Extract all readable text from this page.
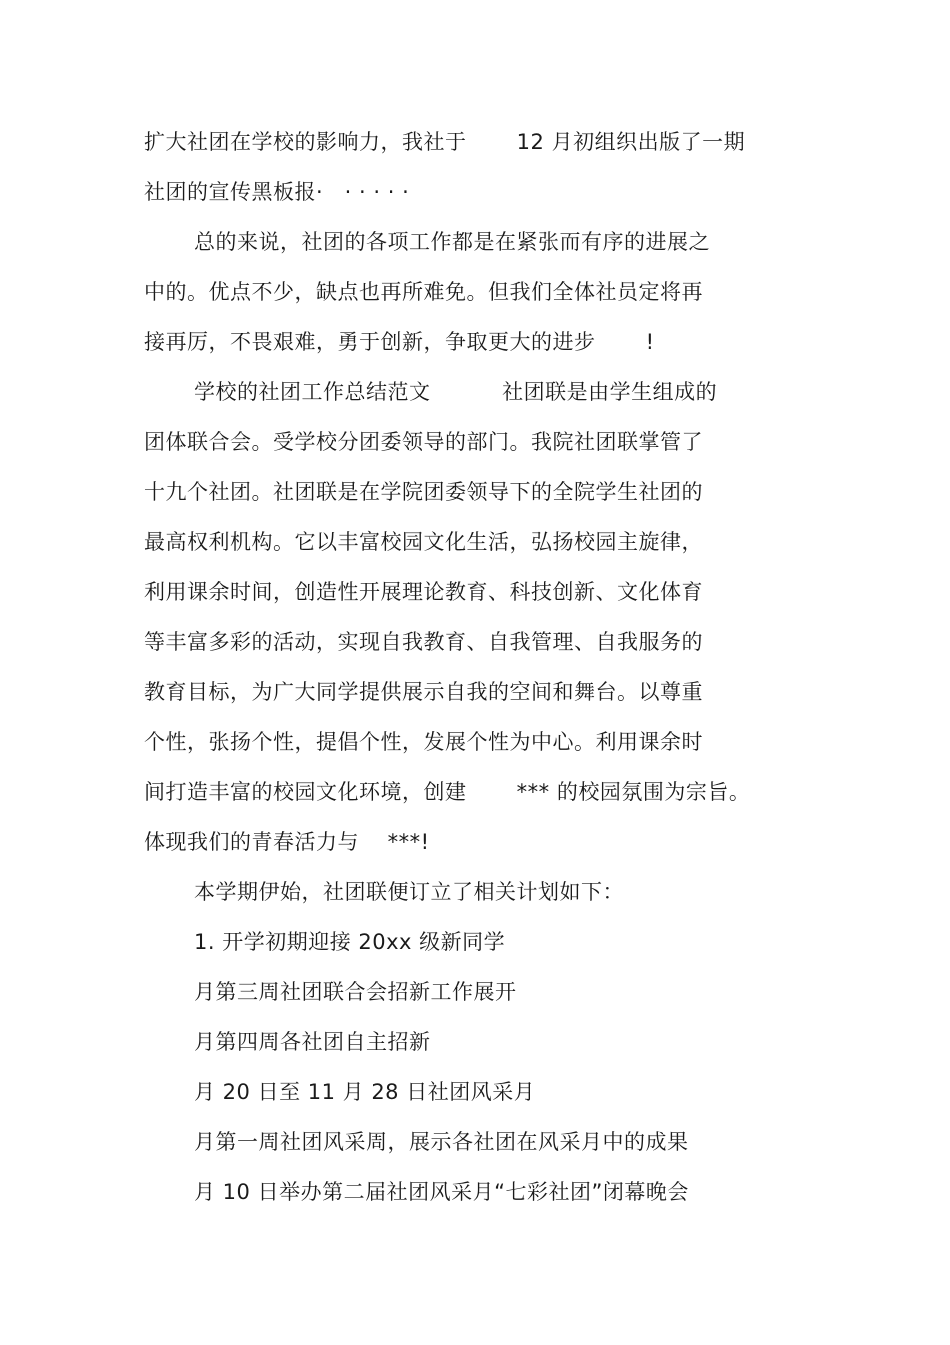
扩大社团在学校的影响力，我社于 　　12 月初组织出版了一期
社团的宣传黑板报·　· · · · ·
总的来说，社团的各项工作都是在紧张而有序的进展之
中的。优点不少，缺点也再所难免。但我们全体社员定将再
接再厉，不畏艰难，勇于创新，争取更大的进步　　 !
学校的社团工作总结范文　　　 社团联是由学生组成的
团体联合会。受学校分团委领导的部门。我院社团联掌管了
十九个社团。社团联是在学院团委领导下的全院学生社团的
最高权利机构。它以丰富校园文化生活，弘扬校园主旋律，
利用课余时间，创造性开展理论教育、科技创新、文化体育
等丰富多彩的活动，实现自我教育、自我管理、自我服务的
教育目标，为广大同学提供展示自我的空间和舞台。以尊重
个性，张扬个性，提倡个性，发展个性为中心。利用课余时
间打造丰富的校园文化环境，创建 　　*** 的校园氛围为宗旨。
体现我们的青春活力与 　***!
本学期伊始，社团联便订立了相关计划如下：
1. 开学初期迎接 20xx 级新同学
月第三周社团联合会招新工作展开
月第四周各社团自主招新
月 20 日至 11 月 28 日社团风采月
月第一周社团风采周，展示各社团在风采月中的成果
月 10 日举办第二届社团风采月“七彩社团”闭幕晚会
